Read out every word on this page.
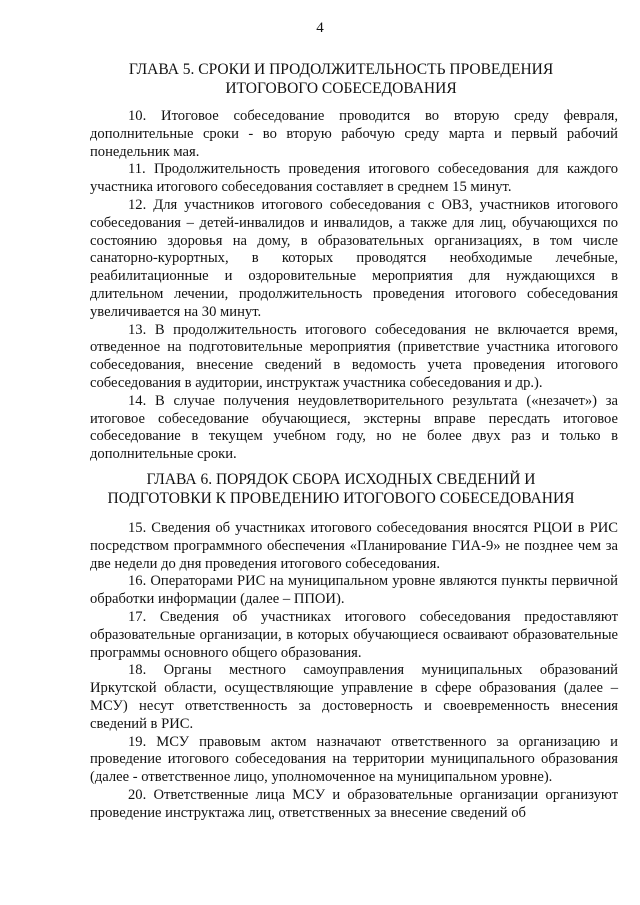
4
ГЛАВА 5. СРОКИ И ПРОДОЛЖИТЕЛЬНОСТЬ ПРОВЕДЕНИЯ
ИТОГОВОГО СОБЕСЕДОВАНИЯ

10. Итоговое собеседование проводится во вторую среду февраля, дополнительные сроки - во вторую рабочую среду марта и первый рабочий понедельник мая.

11. Продолжительность проведения итогового собеседования для каждого участника итогового собеседования составляет в среднем 15 минут.

12. Для участников итогового собеседования с ОВЗ, участников итогового собеседования – детей-инвалидов и инвалидов, а также для лиц, обучающихся по состоянию здоровья на дому, в образовательных организациях, в том числе санаторно-курортных, в которых проводятся необходимые лечебные, реабилитационные и оздоровительные мероприятия для нуждающихся в длительном лечении, продолжительность проведения итогового собеседования увеличивается на 30 минут.

13. В продолжительность итогового собеседования не включается время, отведенное на подготовительные мероприятия (приветствие участника итогового собеседования, внесение сведений в ведомость учета проведения итогового собеседования в аудитории, инструктаж участника собеседования и др.).

14. В случае получения неудовлетворительного результата («незачет») за итоговое собеседование обучающиеся, экстерны вправе пересдать итоговое собеседование в текущем учебном году, но не более двух раз и только в дополнительные сроки.

ГЛАВА 6. ПОРЯДОК СБОРА ИСХОДНЫХ СВЕДЕНИЙ И
ПОДГОТОВКИ К ПРОВЕДЕНИЮ ИТОГОВОГО СОБЕСЕДОВАНИЯ

15. Сведения об участниках итогового собеседования вносятся РЦОИ в РИС посредством программного обеспечения «Планирование ГИА-9» не позднее чем за две недели до дня проведения итогового собеседования.

16. Операторами РИС на муниципальном уровне являются пункты первичной обработки информации (далее – ППОИ).

17. Сведения об участниках итогового собеседования предоставляют образовательные организации, в которых обучающиеся осваивают образовательные программы основного общего образования.

18. Органы местного самоуправления муниципальных образований Иркутской области, осуществляющие управление в сфере образования (далее – МСУ) несут ответственность за достоверность и своевременность внесения сведений в РИС.

19. МСУ правовым актом назначают ответственного за организацию и проведение итогового собеседования на территории муниципального образования (далее - ответственное лицо, уполномоченное на муниципальном уровне).

20. Ответственные лица МСУ и образовательные организации организуют проведение инструктажа лиц, ответственных за внесение сведений об
